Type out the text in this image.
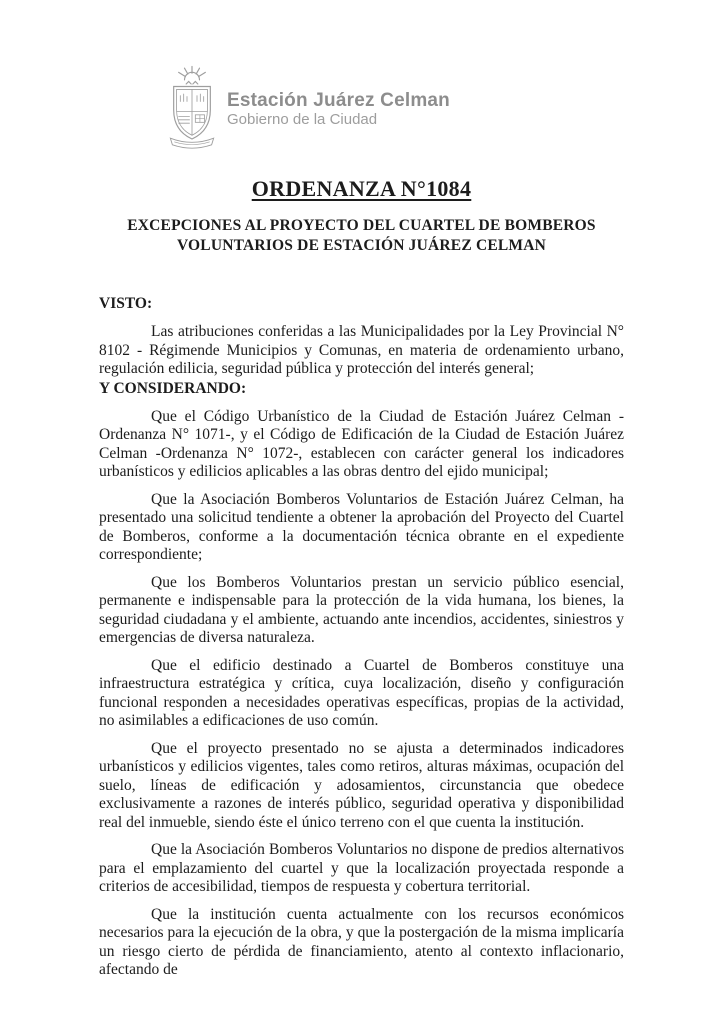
Estación Juárez Celman
Gobierno de la Ciudad
ORDENANZA N°1084
EXCEPCIONES AL PROYECTO DEL CUARTEL DE BOMBEROS
VOLUNTARIOS DE ESTACIÓN JUÁREZ CELMAN
VISTO:

Las atribuciones conferidas a las Municipalidades por la Ley Provincial N° 8102 - Régimende Municipios y Comunas, en materia de ordenamiento urbano, regulación edilicia, seguridad pública y protección del interés general;

Y CONSIDERANDO:

Que el Código Urbanístico de la Ciudad de Estación Juárez Celman -Ordenanza N° 1071-, y el Código de Edificación de la Ciudad de Estación Juárez Celman -Ordenanza N° 1072-, establecen con carácter general los indicadores urbanísticos y edilicios aplicables a las obras dentro del ejido municipal;

Que la Asociación Bomberos Voluntarios de Estación Juárez Celman, ha presentado una solicitud tendiente a obtener la aprobación del Proyecto del Cuartel de Bomberos, conforme a la documentación técnica obrante en el expediente correspondiente;

Que los Bomberos Voluntarios prestan un servicio público esencial, permanente e indispensable para la protección de la vida humana, los bienes, la seguridad ciudadana y el ambiente, actuando ante incendios, accidentes, siniestros y emergencias de diversa naturaleza.

Que el edificio destinado a Cuartel de Bomberos constituye una infraestructura estratégica y crítica, cuya localización, diseño y configuración funcional responden a necesidades operativas específicas, propias de la actividad, no asimilables a edificaciones de uso común.

Que el proyecto presentado no se ajusta a determinados indicadores urbanísticos y edilicios vigentes, tales como retiros, alturas máximas, ocupación del suelo, líneas de edificación y adosamientos, circunstancia que obedece exclusivamente a razones de interés público, seguridad operativa y disponibilidad real del inmueble, siendo éste el único terreno con el que cuenta la institución.

Que la Asociación Bomberos Voluntarios no dispone de predios alternativos para el emplazamiento del cuartel y que la localización proyectada responde a criterios de accesibilidad, tiempos de respuesta y cobertura territorial.

Que la institución cuenta actualmente con los recursos económicos necesarios para la ejecución de la obra, y que la postergación de la misma implicaría un riesgo cierto de pérdida de financiamiento, atento al contexto inflacionario, afectando de
